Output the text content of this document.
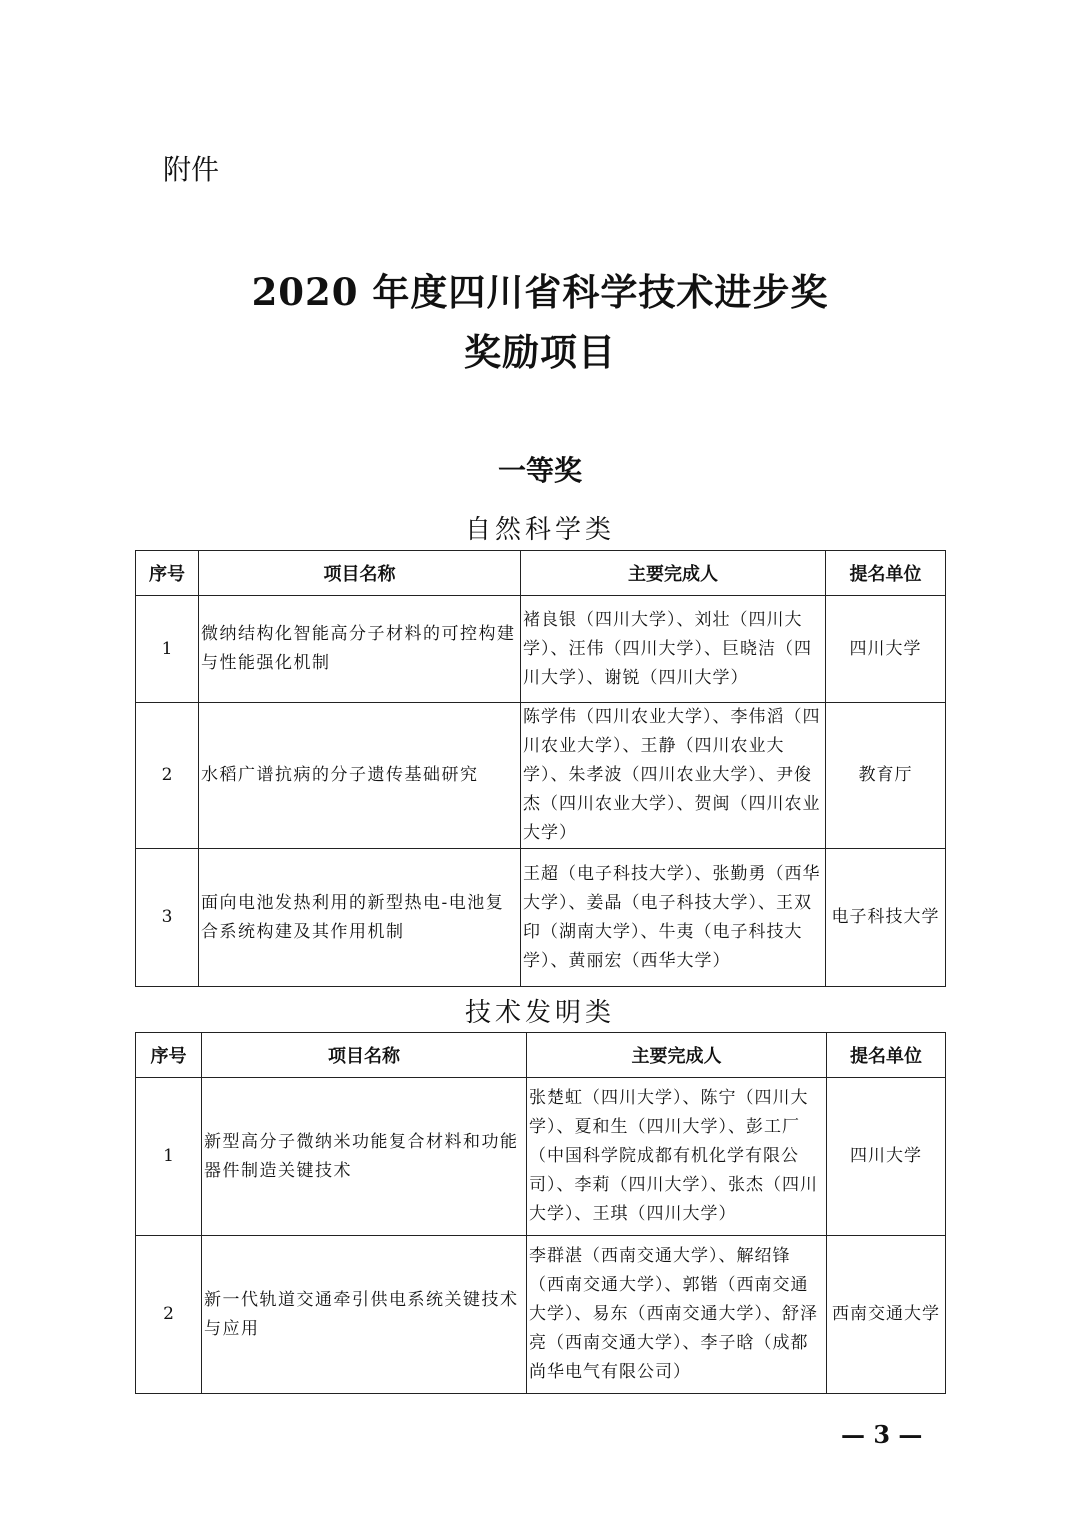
附件
2020 年度四川省科学技术进步奖
奖励项目
一等奖
自然科学类
序号	项目名称	主要完成人	提名单位
1	微纳结构化智能高分子材料的可控构建与性能强化机制	褚良银（四川大学）、刘壮（四川大学）、汪伟（四川大学）、巨晓洁（四川大学）、谢锐（四川大学）	四川大学
2	水稻广谱抗病的分子遗传基础研究	陈学伟（四川农业大学）、李伟滔（四川农业大学）、王静（四川农业大学）、朱孝波（四川农业大学）、尹俊杰（四川农业大学）、贺闽（四川农业大学）	教育厅
3	面向电池发热利用的新型热电-电池复合系统构建及其作用机制	王超（电子科技大学）、张勤勇（西华大学）、姜晶（电子科技大学）、王双印（湖南大学）、牛夷（电子科技大学）、黄丽宏（西华大学）	电子科技大学
技术发明类
序号	项目名称	主要完成人	提名单位
1	新型高分子微纳米功能复合材料和功能器件制造关键技术	张楚虹（四川大学）、陈宁（四川大学）、夏和生（四川大学）、彭工厂（中国科学院成都有机化学有限公司）、李莉（四川大学）、张杰（四川大学）、王琪（四川大学）	四川大学
2	新一代轨道交通牵引供电系统关键技术与应用	李群湛（西南交通大学）、解绍锋（西南交通大学）、郭锴（西南交通大学）、易东（西南交通大学）、舒泽亮（西南交通大学）、李子晗（成都尚华电气有限公司）	西南交通大学
— 3 —
